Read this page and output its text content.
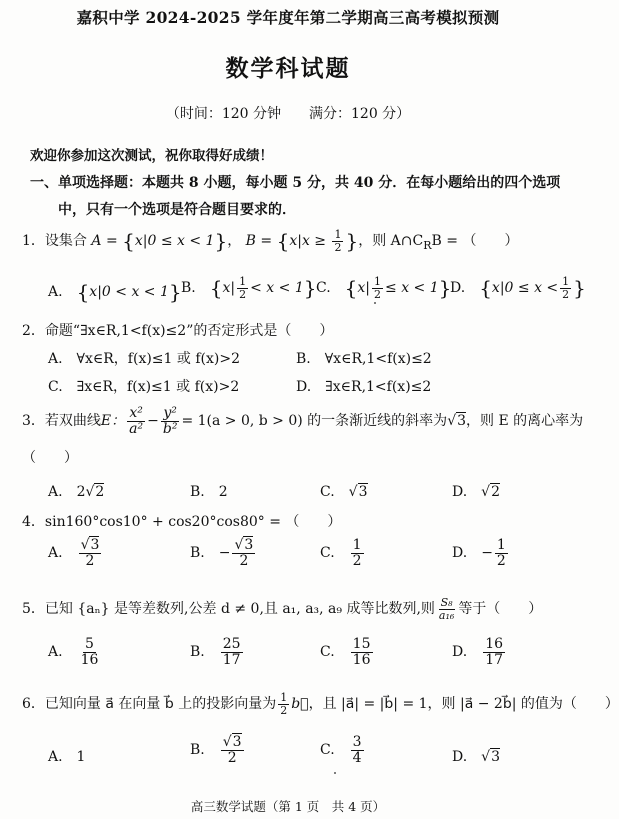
嘉积中学 2024-2025 学年度年第二学期高三高考模拟预测
数学科试题
（时间：120 分钟　　满分：120 分）
欢迎你参加这次测试，祝你取得好成绩！
一、单项选择题：本题共 8 小题，每小题 5 分，共 40 分．在每小题给出的四个选项
中，只有一个选项是符合题目要求的．
1．设集合 A = {x|0 ≤ x < 1}， $B = \{x|x \ge \frac{1}{2}$ }，则 $A\cap C_RB$ = （　　）
A.　 {x|0 < x < 1} B.　 $\{x| \frac{1}{2} < x < 1\}$ C.　 $\{x| \frac{1}{2} \le x < 1\}$
D.　 {$x|0 \le x < \frac{1}{2}$ }
2．命题“∃x∈R,1<f(x)≤2”的否定形式是（　　）
A.　∀x∈R，f(x)≤1 或 f(x)>2	B.　∀x∈R,1<f(x)≤2
C.　∃x∈R，f(x)≤1 或 f(x)>2	D.　∃x∈R,1<f(x)≤2
3．若双曲线E： $\frac{\text{x²}}{\text{a²}} - \frac{\text{y²}}{\text{b²}} = 1(a > 0$, b > 0) 的一条渐近线的斜率为√3，则 E 的离心率为
（　　）
A.　 2√2	B.　2	C.　√3	D.　√2
4．sin160°cos10° + cos20°cos80° = （　　）
A.　 $\frac{√3}{2}$	B.　 − $\frac{√3}{2}$	C.　 $\frac{1}{2}$	D.　 − $\frac{1}{2}$
5．已知 {aₙ} 是等差数列,公差 d ≠ 0,且 a₁, a₃, a₉ 成等比数列,则 $\frac{\text{S₈}}{\text{a₁₆}}$ 等于（　　）
A.　 $\frac{5}{16}$	B.　 $\frac{25}{17}$	C.　 $\frac{15}{16}$	D.　 $\frac{16}{17}$
6．已知向量 a⃗ 在向量 b⃗ 上的投影向量为 $\frac{1}{2}$ b⃗，且 |a⃗| = |b⃗| = 1，则 |a⃗ − 2b⃗| 的值为（　　）
A.　1	B.　 $\frac{√3}{2}$	C.　 $\frac{3}{4}$	D.　√3
高三数学试题（第 1 页　共 4 页）
